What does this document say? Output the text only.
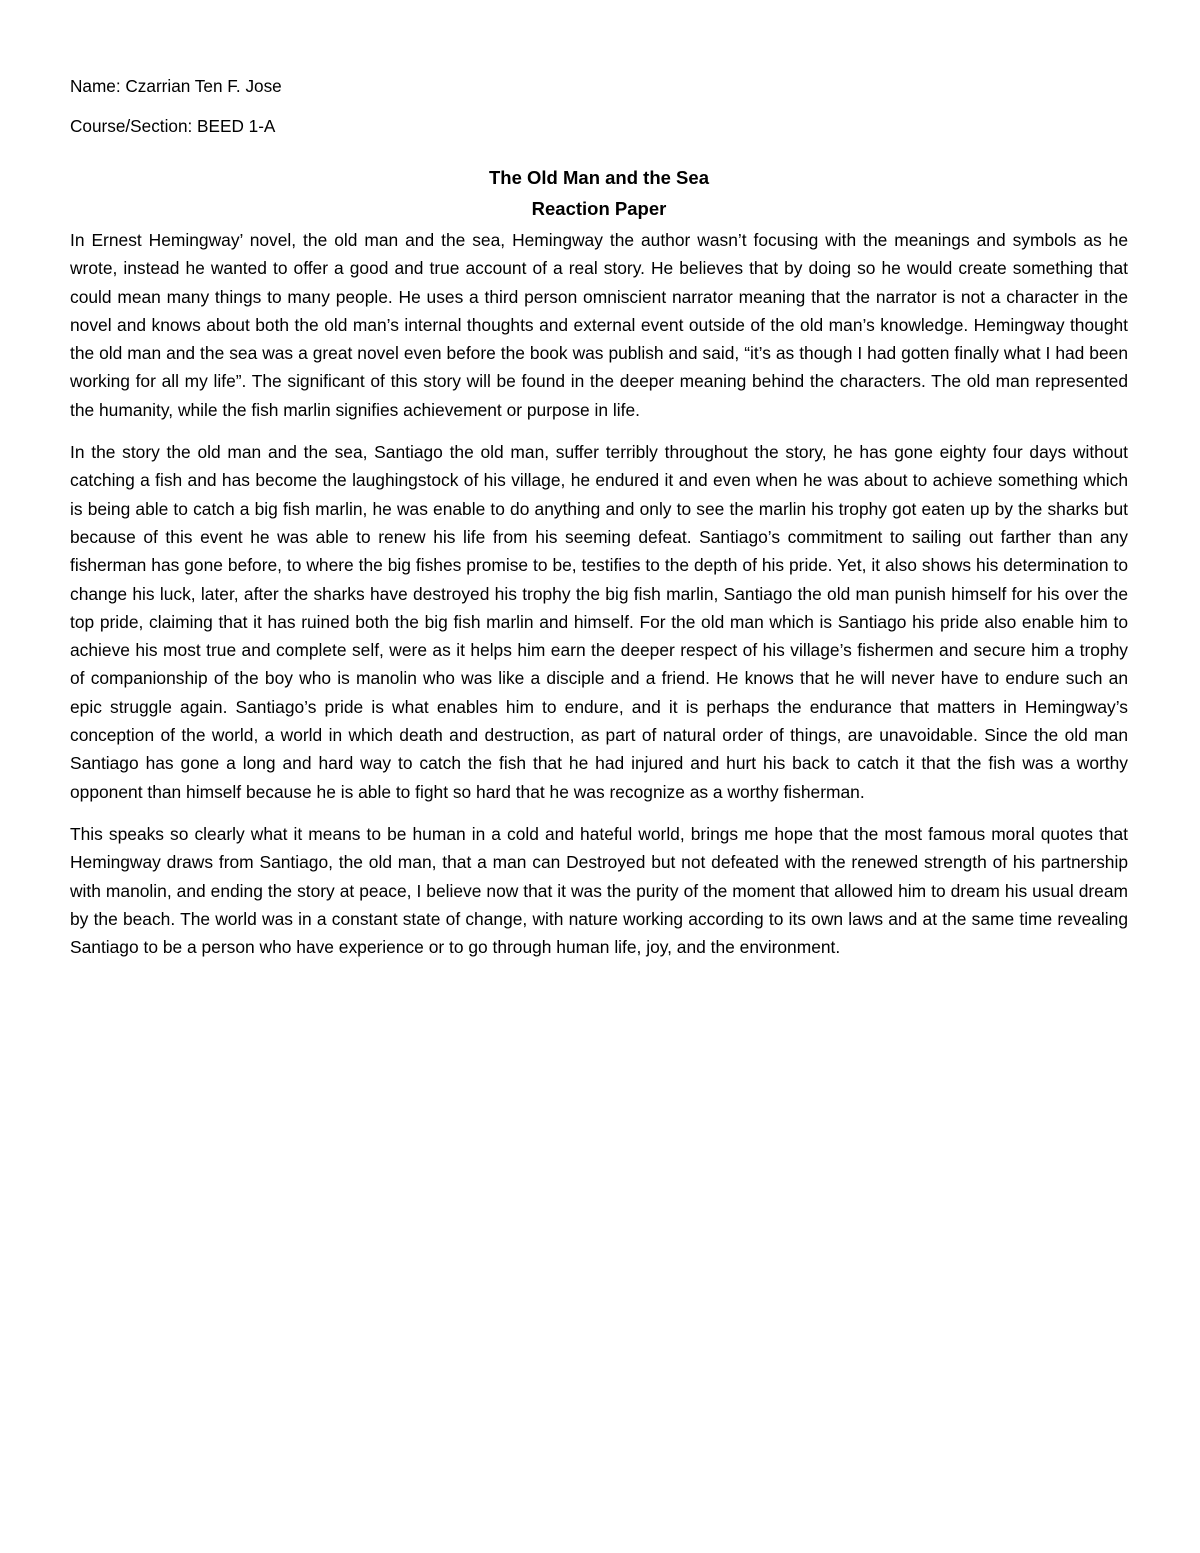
Name: Czarrian Ten F. Jose

Course/Section: BEED 1-A

The Old Man and the Sea
Reaction Paper

In Ernest Hemingway’ novel, the old man and the sea, Hemingway the author wasn’t focusing with the meanings and symbols as he wrote, instead he wanted to offer a good and true account of a real story. He believes that by doing so he would create something that could mean many things to many people. He uses a third person omniscient narrator meaning that the narrator is not a character in the novel and knows about both the old man’s internal thoughts and external event outside of the old man’s knowledge. Hemingway thought the old man and the sea was a great novel even before the book was publish and said, “it’s as though I had gotten finally what I had been working for all my life”. The significant of this story will be found in the deeper meaning behind the characters. The old man represented the humanity, while the fish marlin signifies achievement or purpose in life.

In the story the old man and the sea, Santiago the old man, suffer terribly throughout the story, he has gone eighty four days without catching a fish and has become the laughingstock of his village, he endured it and even when he was about to achieve something which is being able to catch a big fish marlin, he was enable to do anything and only to see the marlin his trophy got eaten up by the sharks but because of this event he was able to renew his life from his seeming defeat. Santiago’s commitment to sailing out farther than any fisherman has gone before, to where the big fishes promise to be, testifies to the depth of his pride. Yet, it also shows his determination to change his luck, later, after the sharks have destroyed his trophy the big fish marlin, Santiago the old man punish himself for his over the top pride, claiming that it has ruined both the big fish marlin and himself. For the old man which is Santiago his pride also enable him to achieve his most true and complete self, were as it helps him earn the deeper respect of his village’s fishermen and secure him a trophy of companionship of the boy who is manolin who was like a disciple and a friend. He knows that he will never have to endure such an epic struggle again. Santiago’s pride is what enables him to endure, and it is perhaps the endurance that matters in Hemingway’s conception of the world, a world in which death and destruction, as part of natural order of things, are unavoidable. Since the old man Santiago has gone a long and hard way to catch the fish that he had injured and hurt his back to catch it that the fish was a worthy opponent than himself because he is able to fight so hard that he was recognize as a worthy fisherman.

This speaks so clearly what it means to be human in a cold and hateful world, brings me hope that the most famous moral quotes that Hemingway draws from Santiago, the old man, that a man can Destroyed but not defeated with the renewed strength of his partnership with manolin, and ending the story at peace, I believe now that it was the purity of the moment that allowed him to dream his usual dream by the beach. The world was in a constant state of change, with nature working according to its own laws and at the same time revealing Santiago to be a person who have experience or to go through human life, joy, and the environment.
